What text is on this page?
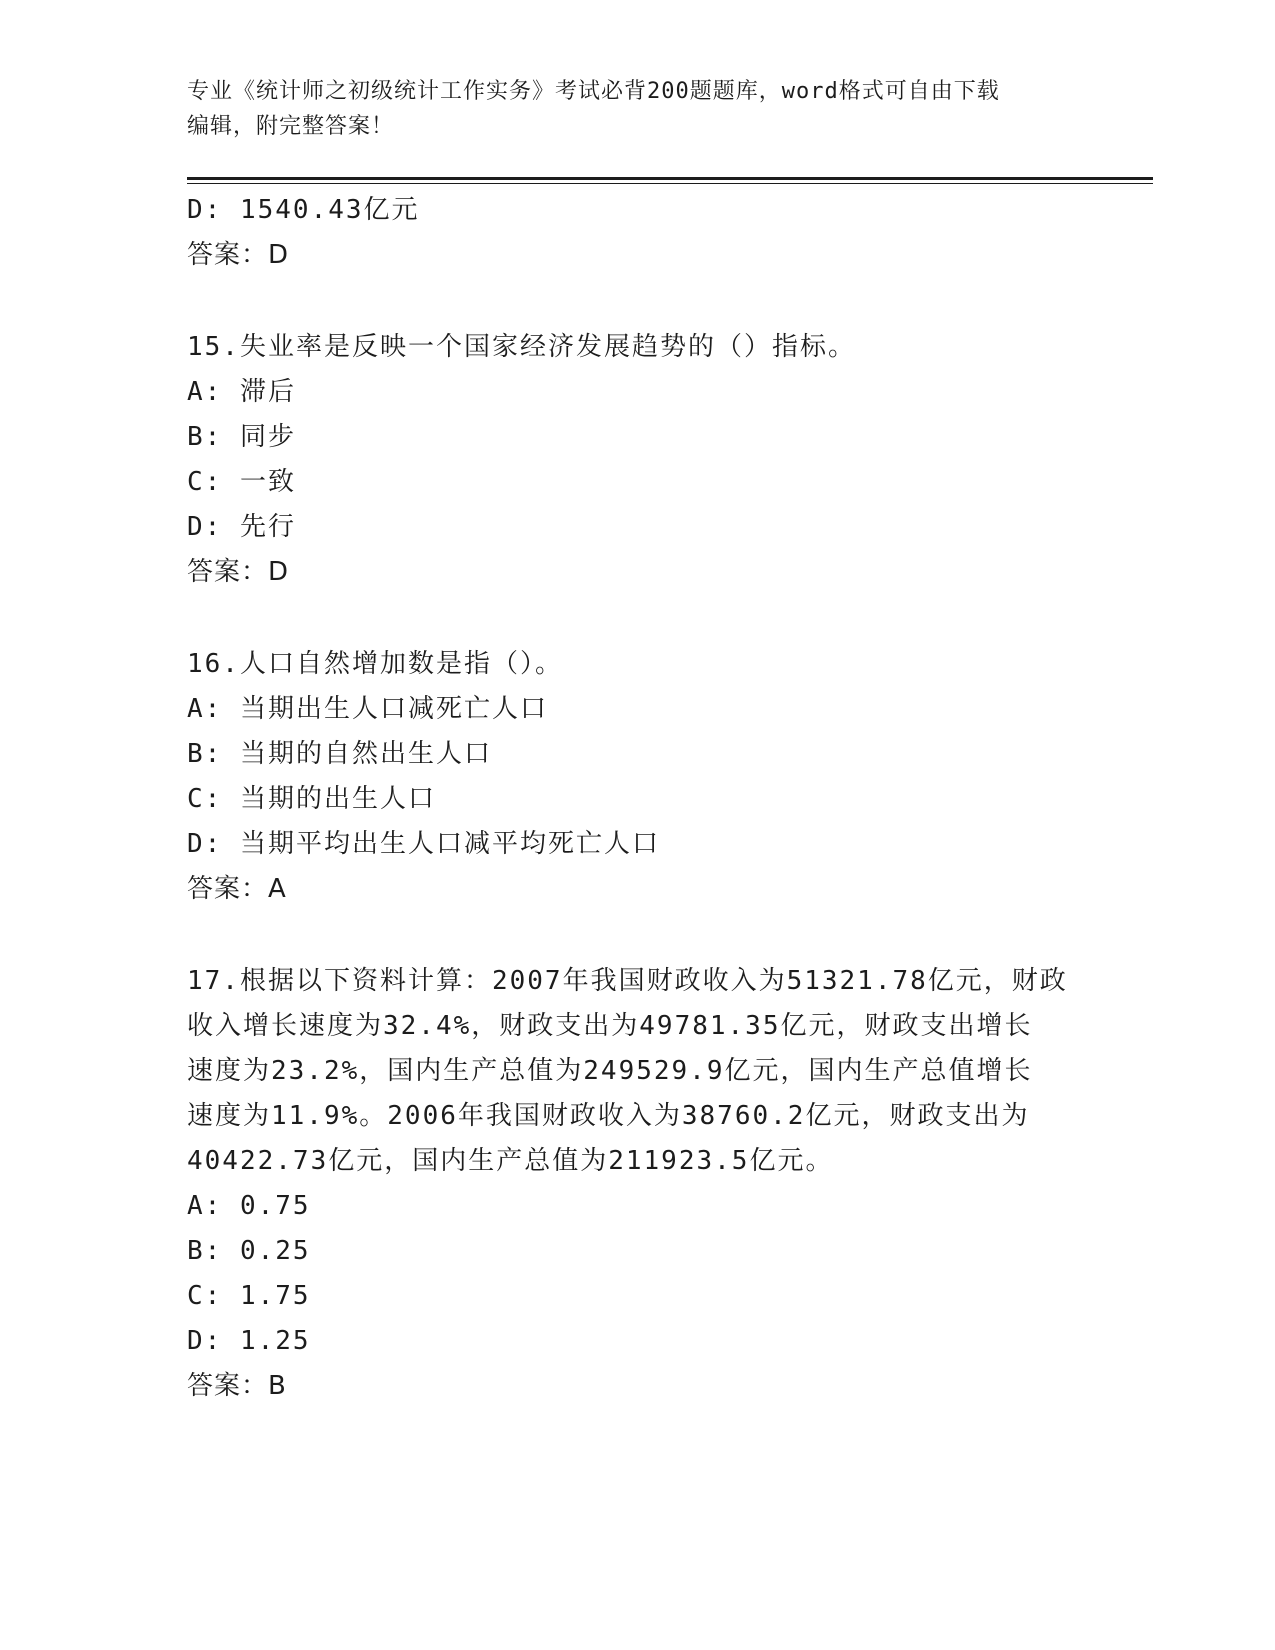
专业《统计师之初级统计工作实务》考试必背200题题库，word格式可自由下载
编辑，附完整答案！
D: 1540.43亿元
答案：D
15.失业率是反映一个国家经济发展趋势的（）指标。
A: 滞后
B: 同步
C: 一致
D: 先行
答案：D
16.人口自然增加数是指（）。
A: 当期出生人口减死亡人口
B: 当期的自然出生人口
C: 当期的出生人口
D: 当期平均出生人口减平均死亡人口
答案：A
17.根据以下资料计算：2007年我国财政收入为51321.78亿元，财政
收入增长速度为32.4%，财政支出为49781.35亿元，财政支出增长
速度为23.2%，国内生产总值为249529.9亿元，国内生产总值增长
速度为11.9%。2006年我国财政收入为38760.2亿元，财政支出为
40422.73亿元，国内生产总值为211923.5亿元。
A: 0.75
B: 0.25
C: 1.75
D: 1.25
答案：B
